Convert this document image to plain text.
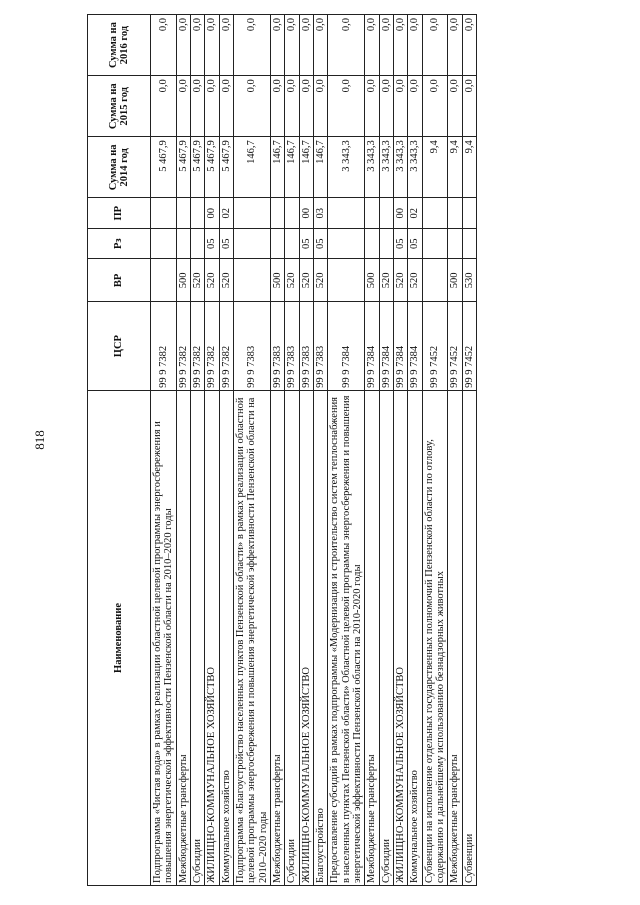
818
Наименование	ЦСР	ВР	Рз	ПР	Сумма на 2014 год	Сумма на 2015 год	Сумма на 2016 год
Подпрограмма «Чистая вода» в рамках реализации областной целевой программы энергосбережения и повышения энергетической эффективности Пензенской области на 2010–2020 годы	99 9 7382				5 467,9	0,0	0,0
Межбюджетные трансферты	99 9 7382	500			5 467,9	0,0	0,0
Субсидии	99 9 7382	520			5 467,9	0,0	0,0
ЖИЛИЩНО-КОММУНАЛЬНОЕ ХОЗЯЙСТВО	99 9 7382	520	05	00	5 467,9	0,0	0,0
Коммунальное хозяйство	99 9 7382	520	05	02	5 467,9	0,0	0,0
Подпрограмма «Благоустройство населенных пунктов Пензенской области» в рамках реализации областной целевой программы энергосбережения и повышения энергетической эффективности Пензенской области на 2010–2020 годы	99 9 7383				146,7	0,0	0,0
Межбюджетные трансферты	99 9 7383	500			146,7	0,0	0,0
Субсидии	99 9 7383	520			146,7	0,0	0,0
ЖИЛИЩНО-КОММУНАЛЬНОЕ ХОЗЯЙСТВО	99 9 7383	520	05	00	146,7	0,0	0,0
Благоустройство	99 9 7383	520	05	03	146,7	0,0	0,0
Предоставление субсидий в рамках подпрограммы «Модернизация и строительство систем теплоснабжения в населенных пунктах Пензенской области» Областной целевой программы энергосбережения и повышения энергетической эффективности Пензенской области на 2010-2020 годы	99 9 7384				3 343,3	0,0	0,0
Межбюджетные трансферты	99 9 7384	500			3 343,3	0,0	0,0
Субсидии	99 9 7384	520			3 343,3	0,0	0,0
ЖИЛИЩНО-КОММУНАЛЬНОЕ ХОЗЯЙСТВО	99 9 7384	520	05	00	3 343,3	0,0	0,0
Коммунальное хозяйство	99 9 7384	520	05	02	3 343,3	0,0	0,0
Субвенции на исполнение отдельных государственных полномочий Пензенской области по отлову, содержанию и дальнейшему использованию безнадзорных животных	99 9 7452				9,4	0,0	0,0
Межбюджетные трансферты	99 9 7452	500			9,4	0,0	0,0
Субвенции	99 9 7452	530			9,4	0,0	0,0
